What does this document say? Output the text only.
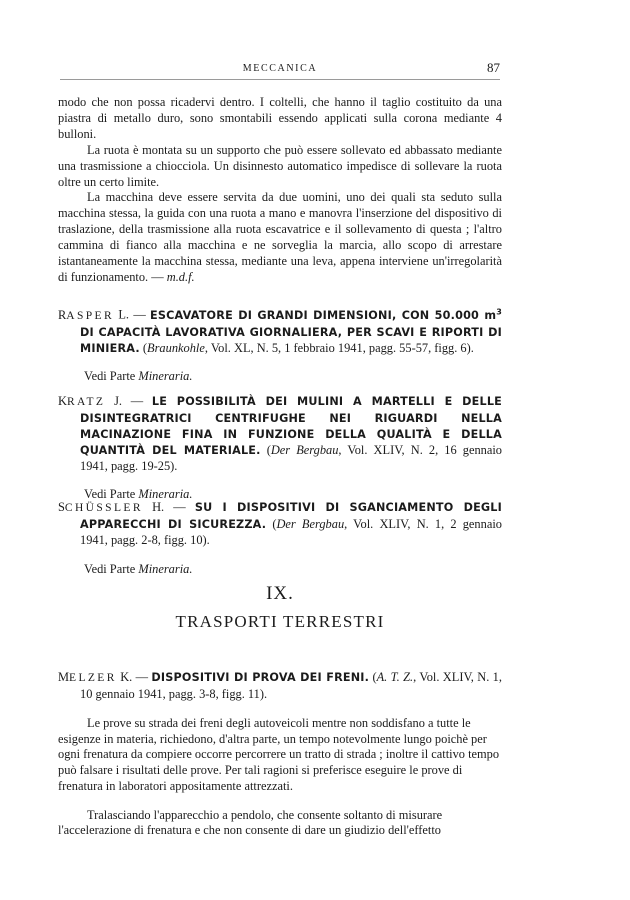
MECCANICA	87

modo che non possa ricadervi dentro. I coltelli, che hanno il taglio costituito da una piastra di metallo duro, sono smontabili essendo applicati sulla corona mediante 4 bulloni.

La ruota è montata su un supporto che può essere sollevato ed abbassato mediante una trasmissione a chiocciola. Un disinnesto automatico impedisce di sollevare la ruota oltre un certo limite.

La macchina deve essere servita da due uomini, uno dei quali sta seduto sulla macchina stessa, la guida con una ruota a mano e manovra l'inserzione del dispositivo di traslazione, della trasmissione alla ruota escavatrice e il sollevamento di questa ; l'altro cammina di fianco alla macchina e ne sorveglia la marcia, allo scopo di arrestare istantaneamente la macchina stessa, mediante una leva, appena interviene un'irregolarità di funzionamento. — m.d.f.

RASPER L. — ESCAVATORE DI GRANDI DIMENSIONI, CON 50.000 $m^3$ DI CAPACITÀ LAVORATIVA GIORNALIERA, PER SCAVI E RIPORTI DI MINIERA. (Braunkohle, Vol. XL, N. 5, 1 febbraio 1941, pagg. 55-57, figg. 6).

Vedi Parte Mineraria.

KRATZ J. — LE POSSIBILITÀ DEI MULINI A MARTELLI E DELLE DISINTEGRATRICI CENTRIFUGHE NEI RIGUARDI NELLA MACINAZIONE FINA IN FUNZIONE DELLA QUALITÀ E DELLA QUANTITÀ DEL MATERIALE. (Der Bergbau, Vol. XLIV, N. 2, 16 gennaio 1941, pagg. 19-25).

Vedi Parte Mineraria.

SCHÜSSLER H. — SU I DISPOSITIVI DI SGANCIAMENTO DEGLI APPARECCHI DI SICUREZZA. (Der Bergbau, Vol. XLIV, N. 1, 2 gennaio 1941, pagg. 2-8, figg. 10).

Vedi Parte Mineraria.

IX.
TRASPORTI TERRESTRI

MELZER K. — DISPOSITIVI DI PROVA DEI FRENI. (A. T. Z., Vol. XLIV, N. 1, 10 gennaio 1941, pagg. 3-8, figg. 11).

Le prove su strada dei freni degli autoveicoli mentre non soddisfano a tutte le esigenze in materia, richiedono, d'altra parte, un tempo notevolmente lungo poichè per ogni frenatura da compiere occorre percorrere un tratto di strada ; inoltre il cattivo tempo può falsare i risultati delle prove. Per tali ragioni si preferisce eseguire le prove di frenatura in laboratori appositamente attrezzati.

Tralasciando l'apparecchio a pendolo, che consente soltanto di misurare l'accelerazione di frenatura e che non consente di dare un giudizio dell'effetto
